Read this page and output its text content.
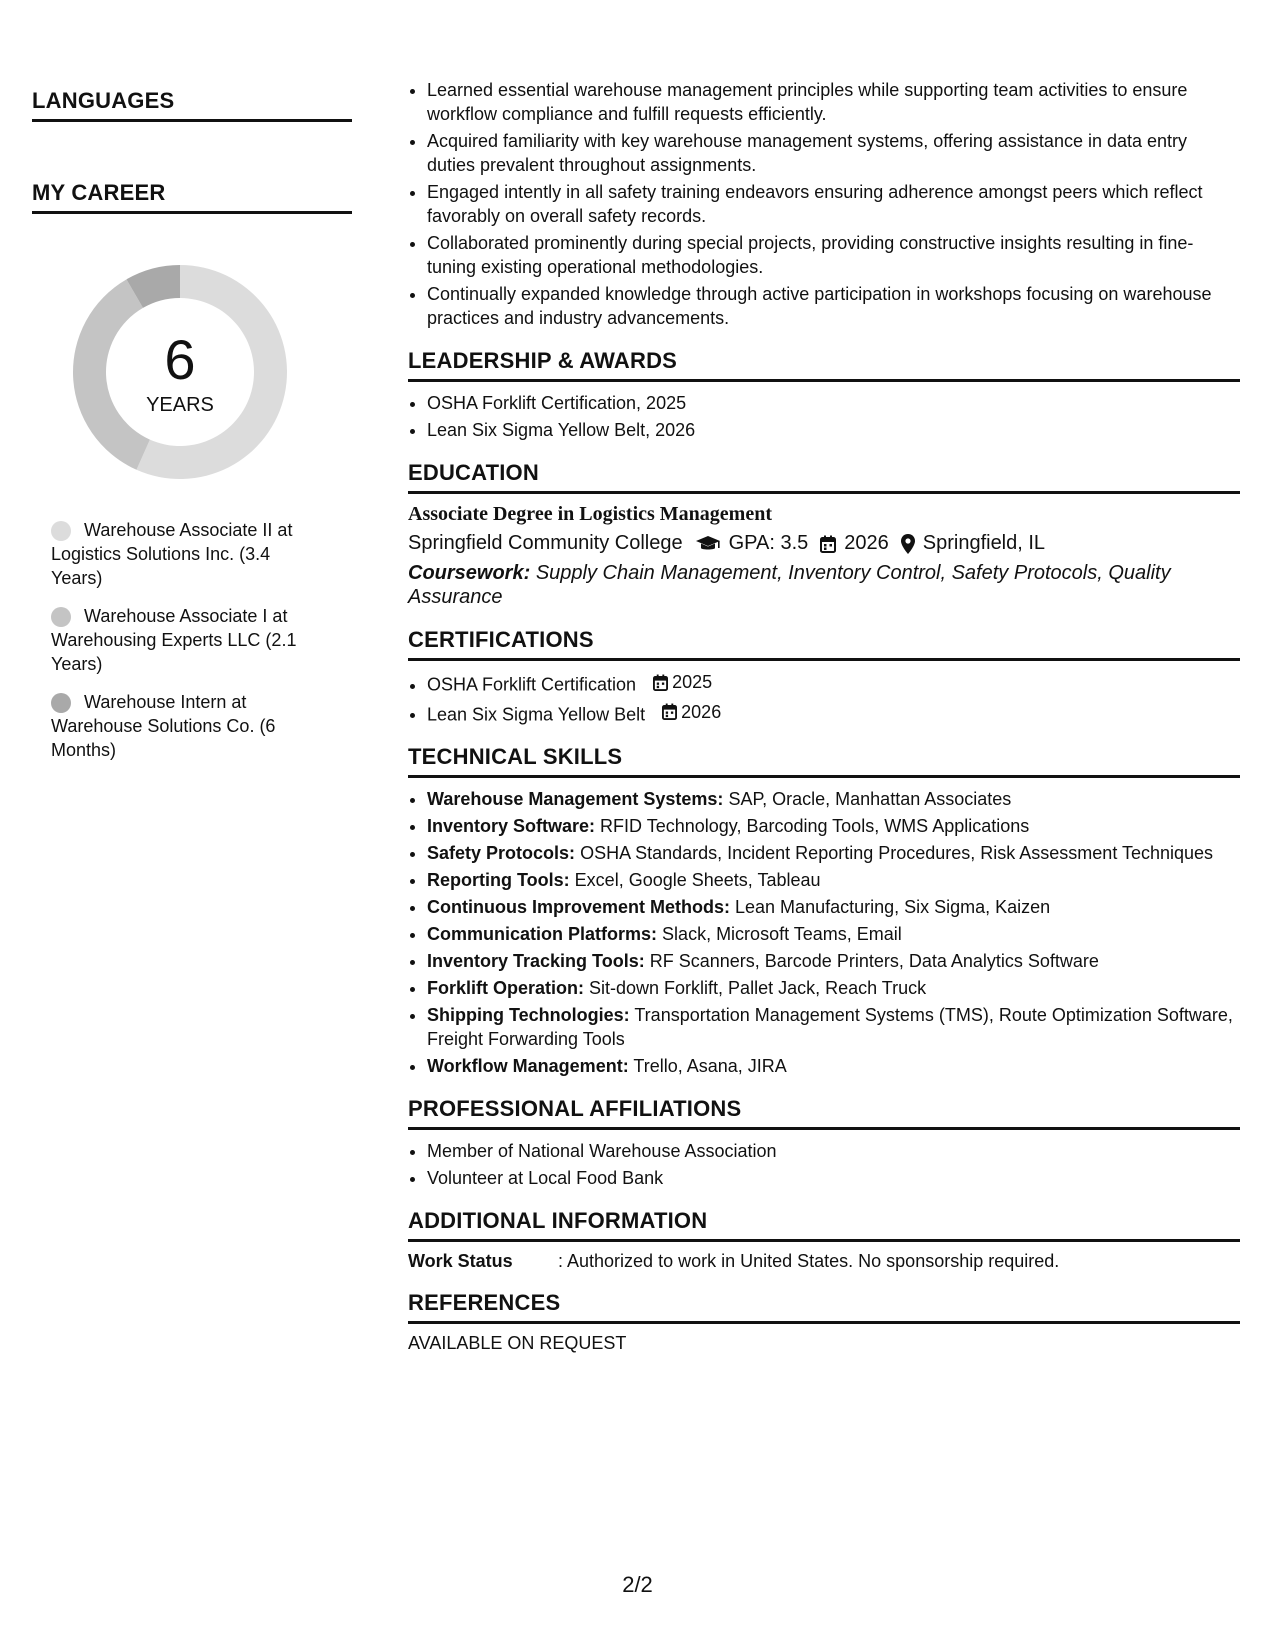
LANGUAGES
MY CAREER
6
YEARS
Warehouse Associate II at Logistics Solutions Inc. (3.4 Years)
Warehouse Associate I at Warehousing Experts LLC (2.1 Years)
Warehouse Intern at Warehouse Solutions Co. (6 Months)
• Learned essential warehouse management principles while supporting team activities to ensure workflow compliance and fulfill requests efficiently.
• Acquired familiarity with key warehouse management systems, offering assistance in data entry duties prevalent throughout assignments.
• Engaged intently in all safety training endeavors ensuring adherence amongst peers which reflect favorably on overall safety records.
• Collaborated prominently during special projects, providing constructive insights resulting in fine-tuning existing operational methodologies.
• Continually expanded knowledge through active participation in workshops focusing on warehouse practices and industry advancements.
LEADERSHIP & AWARDS
• OSHA Forklift Certification, 2025
• Lean Six Sigma Yellow Belt, 2026
EDUCATION
Associate Degree in Logistics Management
Springfield Community College GPA: 3.5 2026 Springfield, IL
Coursework: Supply Chain Management, Inventory Control, Safety Protocols, Quality Assurance
CERTIFICATIONS
• OSHA Forklift Certification 2025
• Lean Six Sigma Yellow Belt 2026
TECHNICAL SKILLS
• Warehouse Management Systems: SAP, Oracle, Manhattan Associates
• Inventory Software: RFID Technology, Barcoding Tools, WMS Applications
• Safety Protocols: OSHA Standards, Incident Reporting Procedures, Risk Assessment Techniques
• Reporting Tools: Excel, Google Sheets, Tableau
• Continuous Improvement Methods: Lean Manufacturing, Six Sigma, Kaizen
• Communication Platforms: Slack, Microsoft Teams, Email
• Inventory Tracking Tools: RF Scanners, Barcode Printers, Data Analytics Software
• Forklift Operation: Sit-down Forklift, Pallet Jack, Reach Truck
• Shipping Technologies: Transportation Management Systems (TMS), Route Optimization Software, Freight Forwarding Tools
• Workflow Management: Trello, Asana, JIRA
PROFESSIONAL AFFILIATIONS
• Member of National Warehouse Association
• Volunteer at Local Food Bank
ADDITIONAL INFORMATION
Work Status	: Authorized to work in United States. No sponsorship required.
REFERENCES
AVAILABLE ON REQUEST
2/2
